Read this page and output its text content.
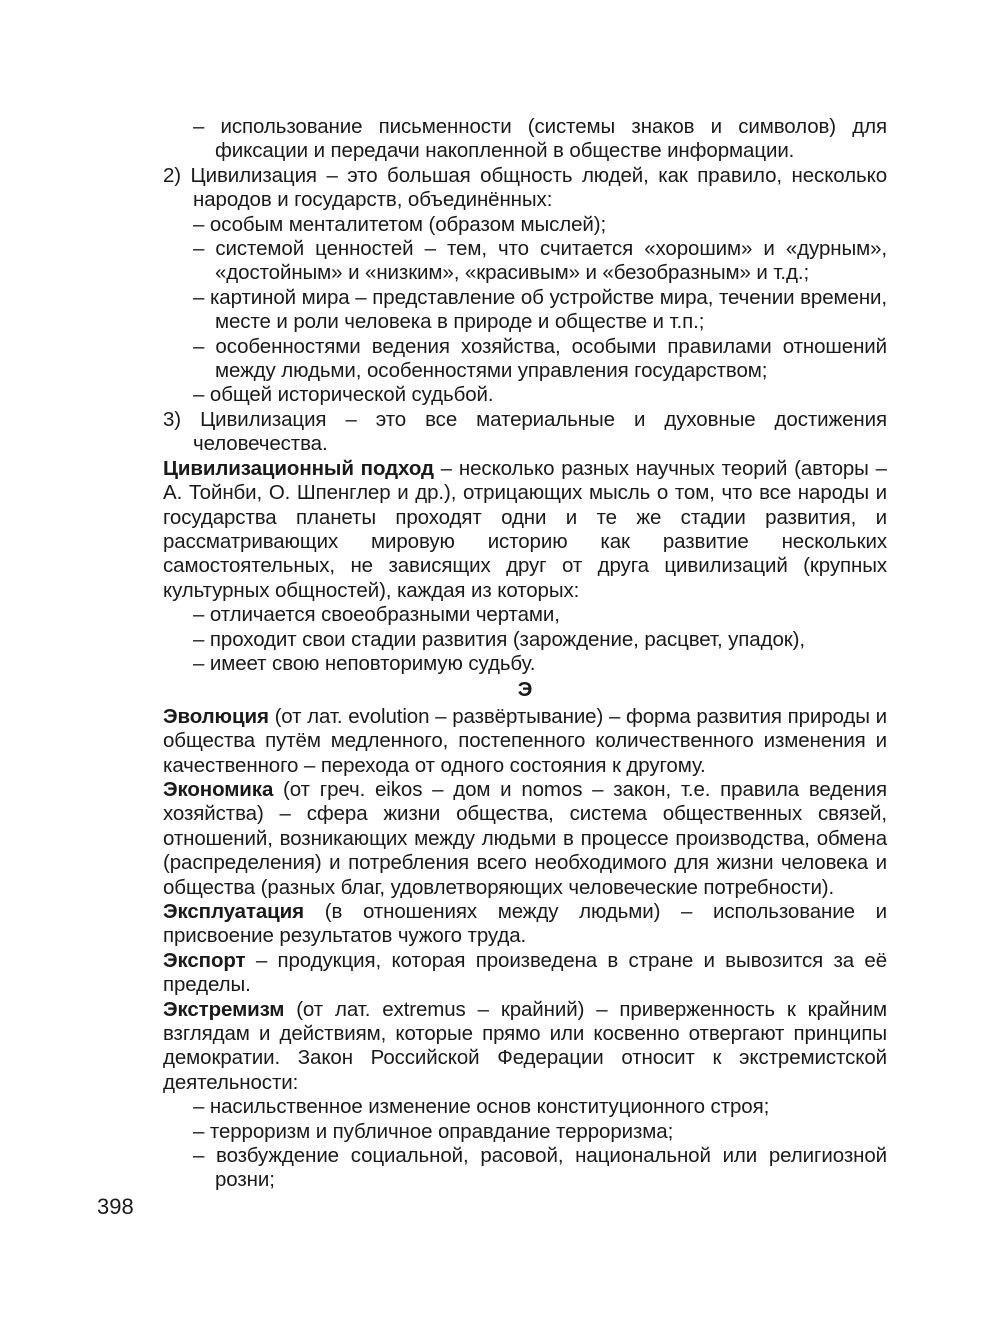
– использование письменности (системы знаков и символов) для фиксации и передачи накопленной в обществе информации.

2) Цивилизация – это большая общность людей, как правило, несколько народов и государств, объединённых:

– особым менталитетом (образом мыслей);

– системой ценностей – тем, что считается «хорошим» и «дурным», «достойным» и «низким», «красивым» и «безобразным» и т.д.;

– картиной мира – представление об устройстве мира, течении времени, месте и роли человека в природе и обществе и т.п.;

– особенностями ведения хозяйства, особыми правилами отношений между людьми, особенностями управления государством;

– общей исторической судьбой.

3) Цивилизация – это все материальные и духовные достижения человечества.

Цивилизационный подход – несколько разных научных теорий (авторы – А. Тойнби, О. Шпенглер и др.), отрицающих мысль о том, что все народы и государства планеты проходят одни и те же стадии развития, и рассматривающих мировую историю как развитие нескольких самостоятельных, не зависящих друг от друга цивилизаций (крупных культурных общностей), каждая из которых:

– отличается своеобразными чертами,

– проходит свои стадии развития (зарождение, расцвет, упадок),

– имеет свою неповторимую судьбу.

Э

Эволюция (от лат. evolution – развёртывание) – форма развития природы и общества путём медленного, постепенного количественного изменения и качественного – перехода от одного состояния к другому.

Экономика (от греч. eikos – дом и nomos – закон, т.е. правила ведения хозяйства) – сфера жизни общества, система общественных связей, отношений, возникающих между людьми в процессе производства, обмена (распределения) и потребления всего необходимого для жизни человека и общества (разных благ, удовлетворяющих человеческие потребности).

Эксплуатация (в отношениях между людьми) – использование и присвоение результатов чужого труда.

Экспорт – продукция, которая произведена в стране и вывозится за её пределы.

Экстремизм (от лат. extremus – крайний) – приверженность к крайним взглядам и действиям, которые прямо или косвенно отвергают принципы демократии. Закон Российской Федерации относит к экстремистской деятельности:

– насильственное изменение основ конституционного строя;

– терроризм и публичное оправдание терроризма;

– возбуждение социальной, расовой, национальной или религиозной розни;

398
